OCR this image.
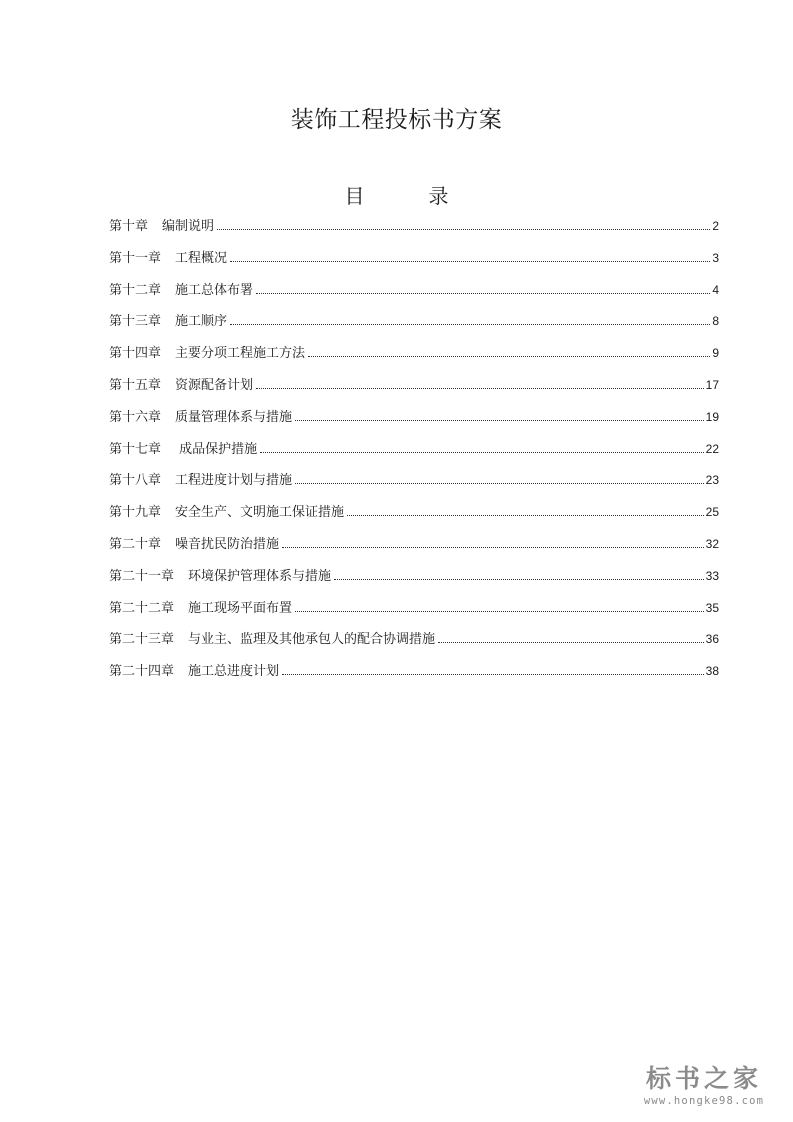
装饰工程投标书方案
目	录
第十章 编制说明	2
第十一章 工程概况	3
第十二章 施工总体布署	4
第十三章 施工顺序	8
第十四章 主要分项工程施工方法	9
第十五章 资源配备计划	17
第十六章 质量管理体系与措施	19
第十七章 成品保护措施	22
第十八章 工程进度计划与措施	23
第十九章 安全生产、文明施工保证措施	25
第二十章 噪音扰民防治措施	32
第二十一章 环境保护管理体系与措施	33
第二十二章 施工现场平面布置	35
第二十三章 与业主、监理及其他承包人的配合协调措施	36
第二十四章 施工总进度计划	38
标书之家
www.hongke98.com
